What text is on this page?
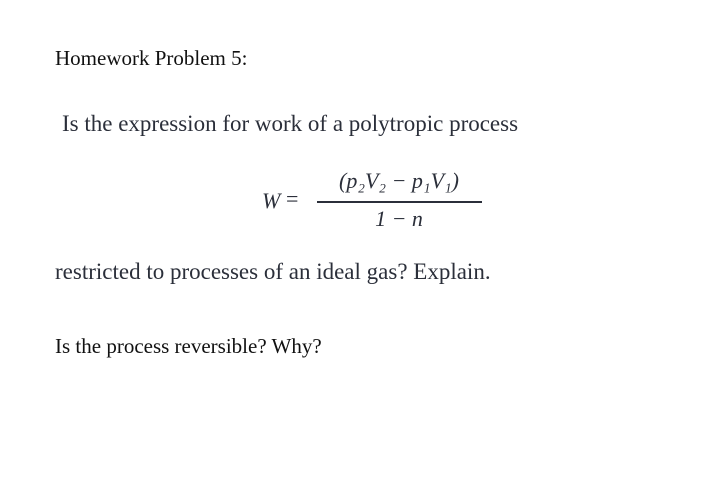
Homework Problem 5:
Is the expression for work of a polytropic process
W =
(p₂V₂ − p₁V₁)
1 − n
restricted to processes of an ideal gas? Explain.
Is the process reversible? Why?
